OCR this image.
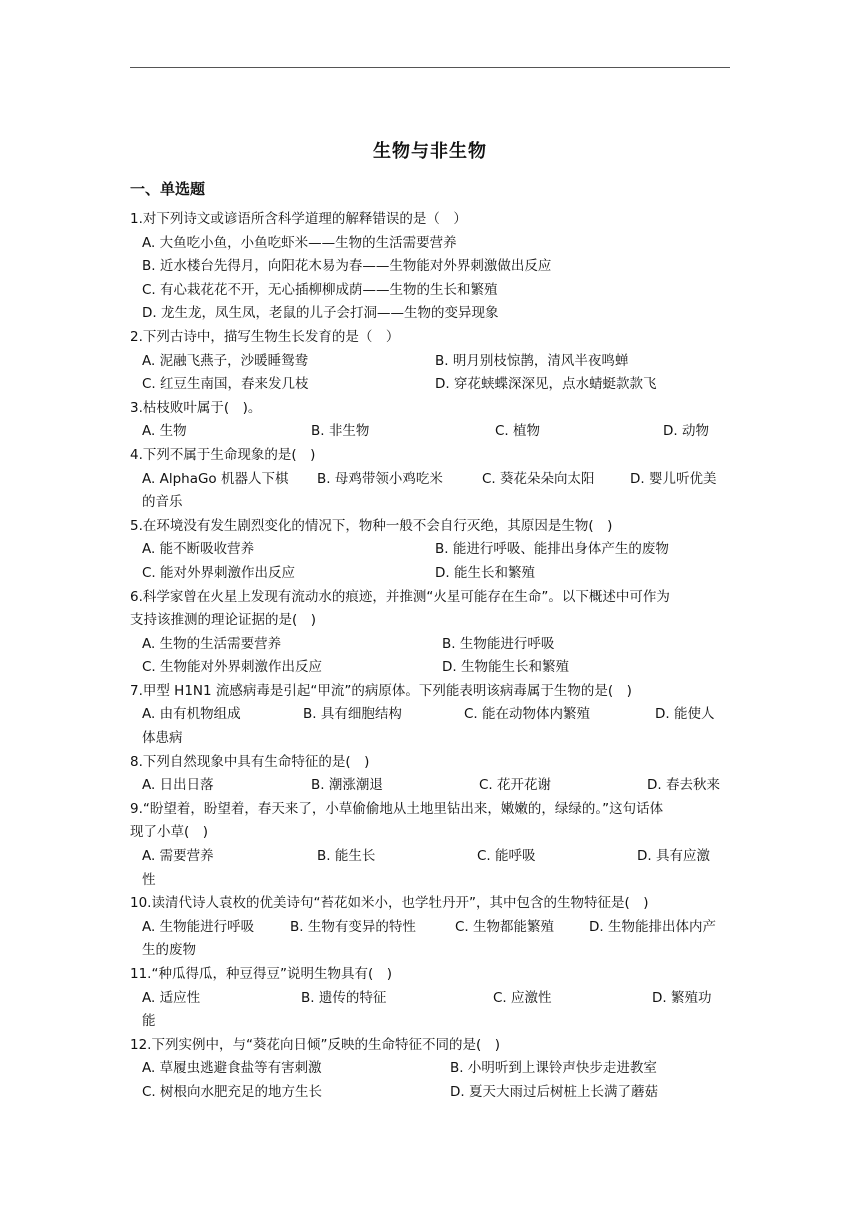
生物与非生物
一、单选题
1.对下列诗文或谚语所含科学道理的解释错误的是（　）
A. 大鱼吃小鱼，小鱼吃虾米——生物的生活需要营养
B. 近水楼台先得月，向阳花木易为春——生物能对外界刺激做出反应
C. 有心栽花花不开，无心插柳柳成荫——生物的生长和繁殖
D. 龙生龙，凤生凤，老鼠的儿子会打洞——生物的变异现象
2.下列古诗中，描写生物生长发育的是（　）
A. 泥融飞燕子，沙暖睡鸳鸯	B. 明月别枝惊鹊，清风半夜鸣蝉
C. 红豆生南国，春来发几枝	D. 穿花蛱蝶深深见，点水蜻蜓款款飞
3.枯枝败叶属于(　)。
A. 生物	B. 非生物	C. 植物	D. 动物
4.下列不属于生命现象的是(　)
A. AlphaGo 机器人下棋 B. 母鸡带领小鸡吃米	C. 葵花朵朵向太阳	D. 婴儿听优美
的音乐
5.在环境没有发生剧烈变化的情况下，物种一般不会自行灭绝，其原因是生物(　)
A. 能不断吸收营养	B. 能进行呼吸、能排出身体产生的废物
C. 能对外界刺激作出反应	D. 能生长和繁殖
6.科学家曾在火星上发现有流动水的痕迹，并推测“火星可能存在生命”。以下概述中可作为
支持该推测的理论证据的是(　)
A. 生物的生活需要营养	B. 生物能进行呼吸
C. 生物能对外界刺激作出反应	D. 生物能生长和繁殖
7.甲型 H1N1 流感病毒是引起“甲流”的病原体。下列能表明该病毒属于生物的是(　)
A. 由有机物组成	B. 具有细胞结构	C. 能在动物体内繁殖	D. 能使人
体患病
8.下列自然现象中具有生命特征的是(　)
A. 日出日落	B. 潮涨潮退	C. 花开花谢	D. 春去秋来
9.“盼望着，盼望着，春天来了，小草偷偷地从土地里钻出来，嫩嫩的，绿绿的。”这句话体
现了小草(　)
A. 需要营养	B. 能生长	C. 能呼吸	D. 具有应激
性
10.读清代诗人袁枚的优美诗句“苔花如米小，也学牡丹开”，其中包含的生物特征是(　)
A. 生物能进行呼吸	B. 生物有变异的特性	C. 生物都能繁殖	D. 生物能排出体内产
生的废物
11.“种瓜得瓜，种豆得豆”说明生物具有(　)
A. 适应性	B. 遗传的特征	C. 应激性	D. 繁殖功
能
12.下列实例中，与“葵花向日倾”反映的生命特征不同的是(　)
A. 草履虫逃避食盐等有害刺激	B. 小明听到上课铃声快步走进教室
C. 树根向水肥充足的地方生长	D. 夏天大雨过后树桩上长满了蘑菇
